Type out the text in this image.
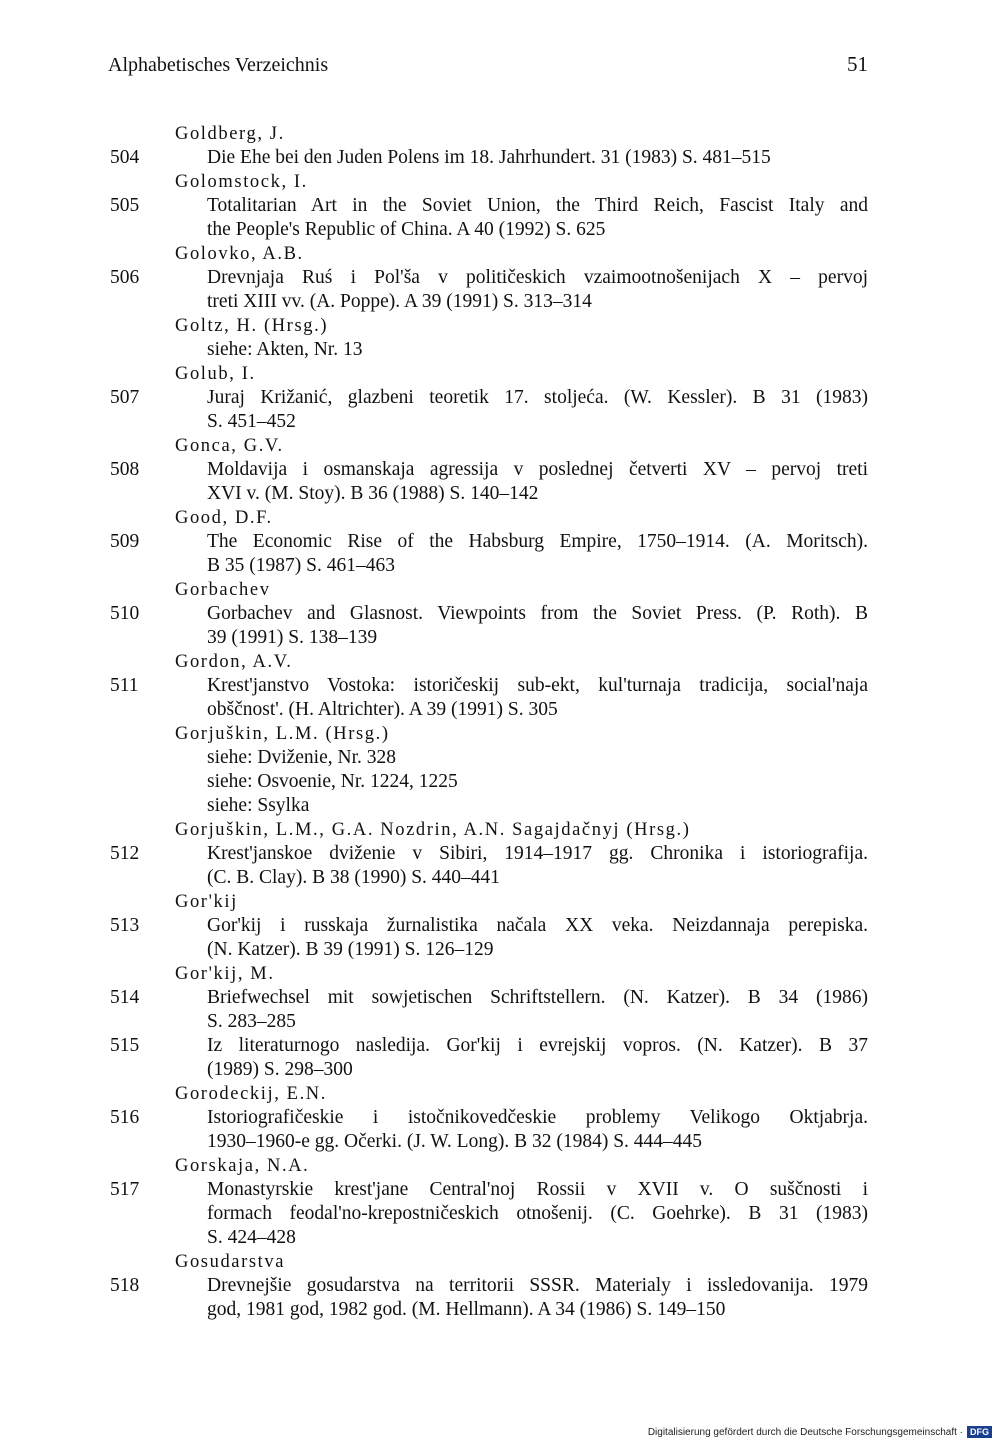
Alphabetisches Verzeichnis	51
Goldberg, J.
504	Die Ehe bei den Juden Polens im 18. Jahrhundert. 31 (1983) S. 481–515
Golomstock, I.
505	Totalitarian Art in the Soviet Union, the Third Reich, Fascist Italy and
the People's Republic of China. A 40 (1992) S. 625
Golovko, A.B.
506	Drevnjaja Ruś i Pol'ša v političeskich vzaimootnošenijach X – pervoj
treti XIII vv. (A. Poppe). A 39 (1991) S. 313–314
Goltz, H. (Hrsg.)
siehe: Akten, Nr. 13
Golub, I.
507	Juraj Križanić, glazbeni teoretik 17. stoljeća. (W. Kessler). B 31 (1983)
S. 451–452
Gonca, G.V.
508	Moldavija i osmanskaja agressija v poslednej četverti XV – pervoj treti
XVI v. (M. Stoy). B 36 (1988) S. 140–142
Good, D.F.
509	The Economic Rise of the Habsburg Empire, 1750–1914. (A. Moritsch).
B 35 (1987) S. 461–463
Gorbachev
510	Gorbachev and Glasnost. Viewpoints from the Soviet Press. (P. Roth). B
39 (1991) S. 138–139
Gordon, A.V.
511	Krest'janstvo Vostoka: istoričeskij sub-ekt, kul'turnaja tradicija, social'naja
obščnost'. (H. Altrichter). A 39 (1991) S. 305
Gorjuškin, L.M. (Hrsg.)
siehe: Dviženie, Nr. 328
siehe: Osvoenie, Nr. 1224, 1225
siehe: Ssylka
Gorjuškin, L.M., G.A. Nozdrin, A.N. Sagajdačnyj (Hrsg.)
512	Krest'janskoe dviženie v Sibiri, 1914–1917 gg. Chronika i istoriografija.
(C. B. Clay). B 38 (1990) S. 440–441
Gor'kij
513	Gor'kij i russkaja žurnalistika načala XX veka. Neizdannaja perepiska.
(N. Katzer). B 39 (1991) S. 126–129
Gor'kij, M.
514	Briefwechsel mit sowjetischen Schriftstellern. (N. Katzer). B 34 (1986)
S. 283–285
515	Iz literaturnogo nasledija. Gor'kij i evrejskij vopros. (N. Katzer). B 37
(1989) S. 298–300
Gorodeckij, E.N.
516	Istoriografičeskie i istočnikovedčeskie problemy Velikogo Oktjabrja.
1930–1960-e gg. Očerki. (J. W. Long). B 32 (1984) S. 444–445
Gorskaja, N.A.
517	Monastyrskie krest'jane Central'noj Rossii v XVII v. O suščnosti i
formach feodal'no-krepostničeskich otnošenij. (C. Goehrke). B 31 (1983)
S. 424–428
Gosudarstva
518	Drevnejšie gosudarstva na territorii SSSR. Materialy i issledovanija. 1979
god, 1981 god, 1982 god. (M. Hellmann). A 34 (1986) S. 149–150
Digitalisierung gefördert durch die Deutsche Forschungsgemeinschaft · DFG
